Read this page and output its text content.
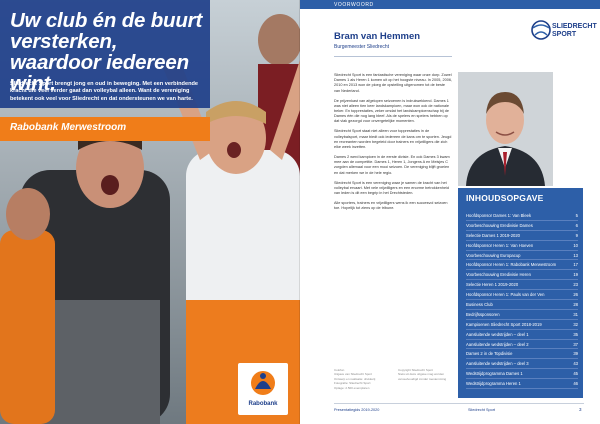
Uw club én de buurt versterken, waardoor iedereen wint.
Sliedrecht Sport brengt jong en oud in beweging. Met een verbindende kracht die veel verder gaat dan volleybal alleen. Want de vereniging betekent ook veel voor Sliedrecht en dat ondersteunen we van harte.
Rabobank Merwestroom
Rabobank
VOORWOORD
Bram van Hemmen
Burgemeester Sliedrecht
SLIEDRECHT
SPORT

Sliedrecht Sport is een fantastische vereniging waar onze dorp. Zowel Dames 1 als Heren 1 komen uit op het hoogste niveau. In 2005, 2006, 2010 en 2013 won de ploeg de opstelling uitgenomen tot de beste van Nederland.

De prijzenkast van afgelopen seizoenen is indrukwekkend. Dames 1 was niet alleen tien keer landskampioen, maar won ook de nationale beker. En topprestaties, zeker omdat het landskampioenschap bij de Dames één die nog lang bleef. Als de spelers en spelers hebben op dat vlak gezorgd voor onvergetelijke momenten.

Sliedrecht Sport staat niet alleen voor topprestaties in de volleybalsport, maar biedt ook iedereen de kans om te sporten. Jeugd en recreanten worden begeleid door trainers en vrijwilligers die zich elke week inzetten.

Dames 2 werd kampioen in de eerste divisie. En ook Dames 3 kwam mee aan de competitie. Dames 1, Heren 1, Jongens A en Meisjes C zorgden allemaal voor een mooi seizoen. De vereniging blijft groeien en dat merken we in de hele regio.

Sliedrecht Sport is een vereniging waar je samen de kracht van het volleybal ervaart. Met vele vrijwilligers en een enorme betrokkenheid van leden is dit een begrip in het Drechtsteden.

Alle sporters, trainers en vrijwilligers wens ik een succesvol seizoen toe. Hopelijk tot ziens op de tribune.

INHOUDSOPGAVE
Hoofdsponsor Dames 1: Van Bleek	5
Voorbeschouwing Eredivisie Dames	6
Selectie Dames 1 2019-2020	9
Hoofdsponsor Heren 1: Van Hoeven	10
Voorbeschouwing Europacup	13
Hoofdsponsor Heren 1: Rabobank Merwestroom	17
Voorbeschouwing Eredivisie Heren	19
Selectie Heren 1 2019-2020	23
Hoofdsponsor Heren 1: Pauls van der Ven	26
Business Club	28
Bedrijfssponsoren	31
Kampioenen Sliedrecht Sport 2018-2019	32
Aansluitende wedstrijden – deel 1	35
Aansluitende wedstrijden – deel 2	37
Dames 2 in de Topdivisie	39
Aansluitende wedstrijden – deel 3	43
Wedstrijdprogramma Dames 1	45
Wedstrijdprogramma Heren 1	46
Colofon
Uitgave van Sliedrecht Sport
Ontwerp en realisatie: drukkerij
Fotografie: Sliedrecht Sport
Oplage: 2.500 exemplaren
Copyright Sliedrecht Sport
Niets uit deze uitgave mag worden
verveelvoudigd zonder toestemming
Presentatiegids 2019-2020	Sliedrecht Sport	3
